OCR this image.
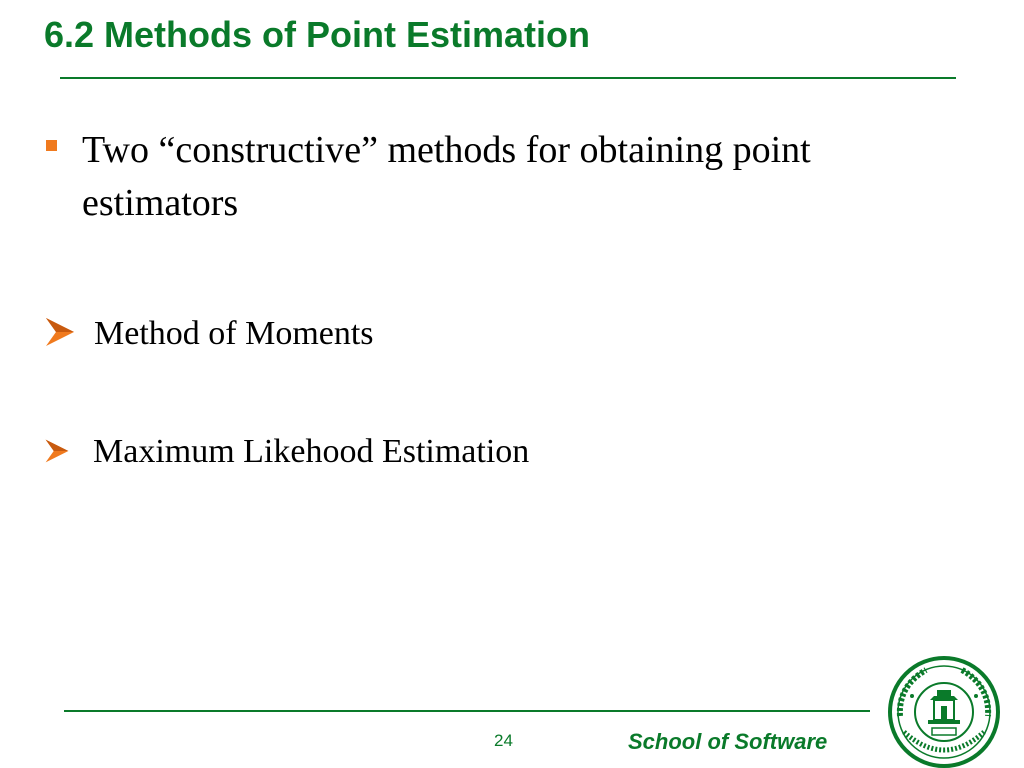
6.2 Methods of Point Estimation
Two “constructive” methods for obtaining point estimators
Method of Moments
Maximum Likehood Estimation
24	School of Software
